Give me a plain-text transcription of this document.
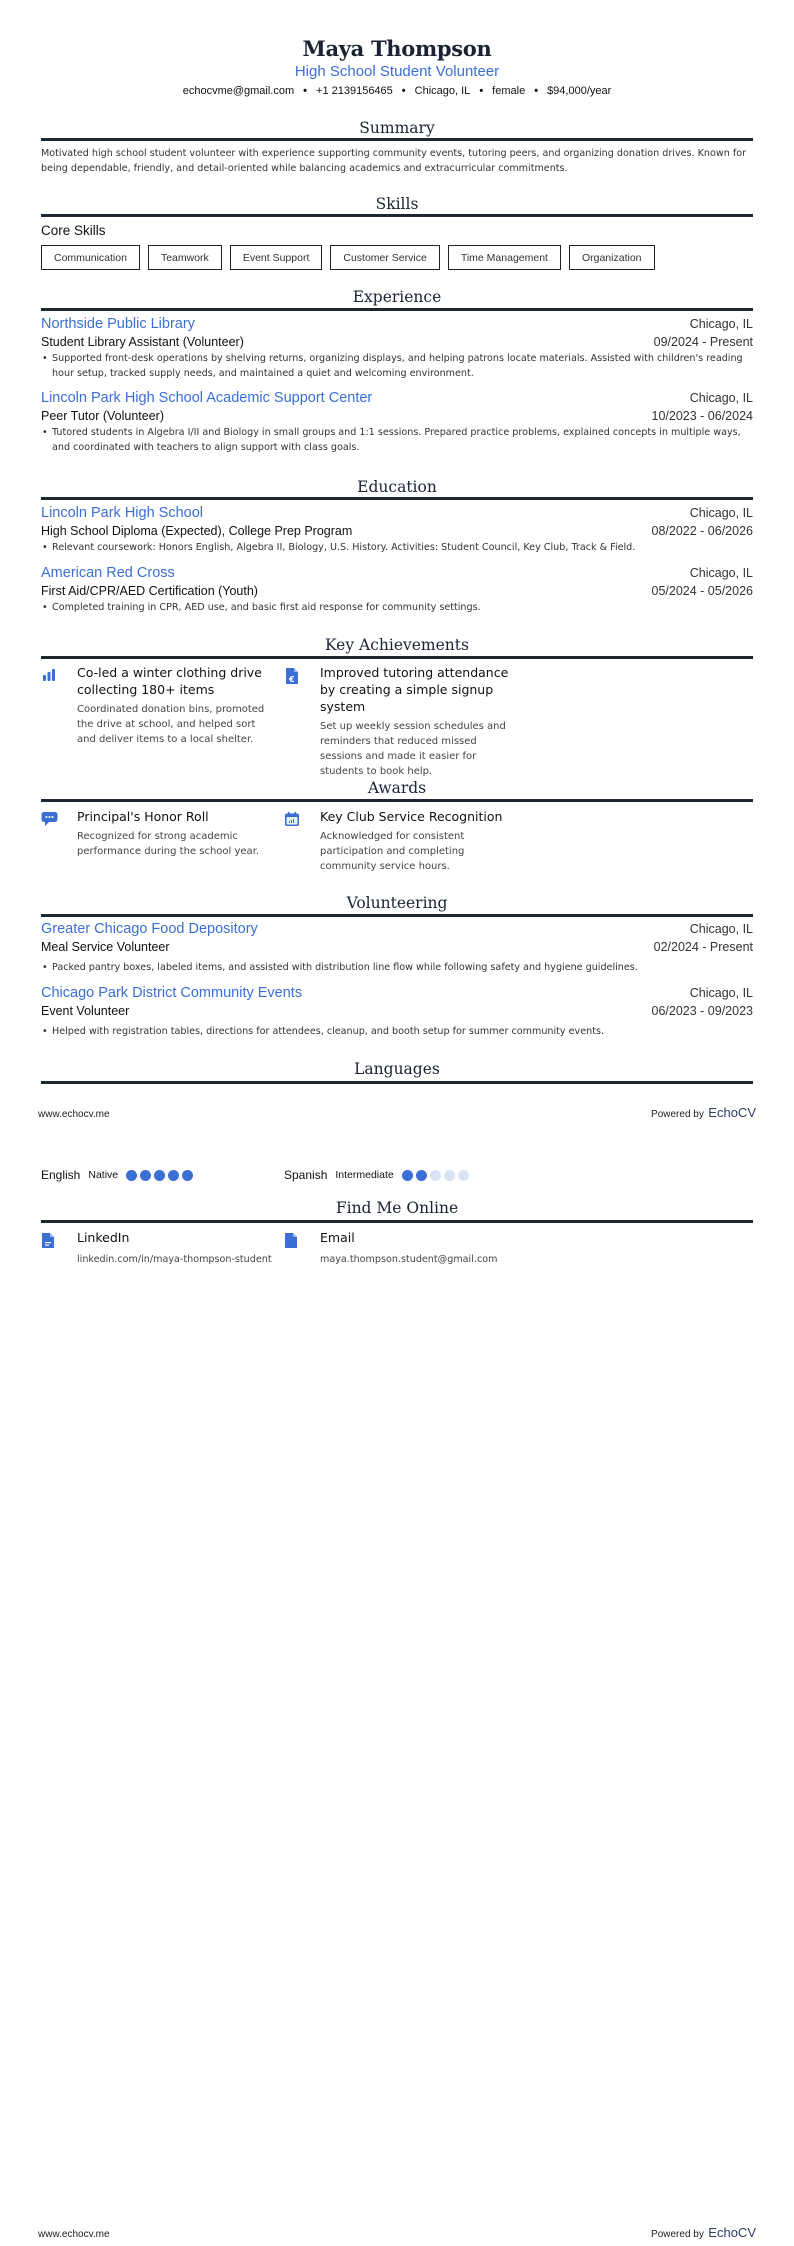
Maya Thompson
High School Student Volunteer
echocvme@gmail.com • +1 2139156465 • Chicago, IL • female • $94,000/year
Summary
Motivated high school student volunteer with experience supporting community events, tutoring peers, and organizing donation drives. Known for being dependable, friendly, and detail-oriented while balancing academics and extracurricular commitments.
Skills
Core Skills
Communication	Teamwork	Event Support	Customer Service	Time Management	Organization
Experience
Northside Public Library	Chicago, IL
Student Library Assistant (Volunteer)	09/2024 - Present
• Supported front-desk operations by shelving returns, organizing displays, and helping patrons locate materials. Assisted with children's reading hour setup, tracked supply needs, and maintained a quiet and welcoming environment.
Lincoln Park High School Academic Support Center	Chicago, IL
Peer Tutor (Volunteer)	10/2023 - 06/2024
• Tutored students in Algebra I/II and Biology in small groups and 1:1 sessions. Prepared practice problems, explained concepts in multiple ways, and coordinated with teachers to align support with class goals.
Education
Lincoln Park High School	Chicago, IL
High School Diploma (Expected), College Prep Program	08/2022 - 06/2026
• Relevant coursework: Honors English, Algebra II, Biology, U.S. History. Activities: Student Council, Key Club, Track & Field.
American Red Cross	Chicago, IL
First Aid/CPR/AED Certification (Youth)	05/2024 - 05/2026
• Completed training in CPR, AED use, and basic first aid response for community settings.
Key Achievements
Co-led a winter clothing drive collecting 180+ items
Coordinated donation bins, promoted the drive at school, and helped sort and deliver items to a local shelter.
€ Improved tutoring attendance by creating a simple signup system
Set up weekly session schedules and reminders that reduced missed sessions and made it easier for students to book help.
Awards
Principal's Honor Roll
Recognized for strong academic performance during the school year.
Key Club Service Recognition
Acknowledged for consistent participation and completing community service hours.
Volunteering
Greater Chicago Food Depository	Chicago, IL
Meal Service Volunteer	02/2024 - Present
• Packed pantry boxes, labeled items, and assisted with distribution line flow while following safety and hygiene guidelines.
Chicago Park District Community Events	Chicago, IL
Event Volunteer	06/2023 - 09/2023
• Helped with registration tables, directions for attendees, cleanup, and booth setup for summer community events.
Languages
www.echocv.me	Powered by EchoCV
English Native	Spanish Intermediate
Find Me Online
LinkedIn
linkedin.com/in/maya-thompson-student
Email
maya.thompson.student@gmail.com
www.echocv.me	Powered by EchoCV
